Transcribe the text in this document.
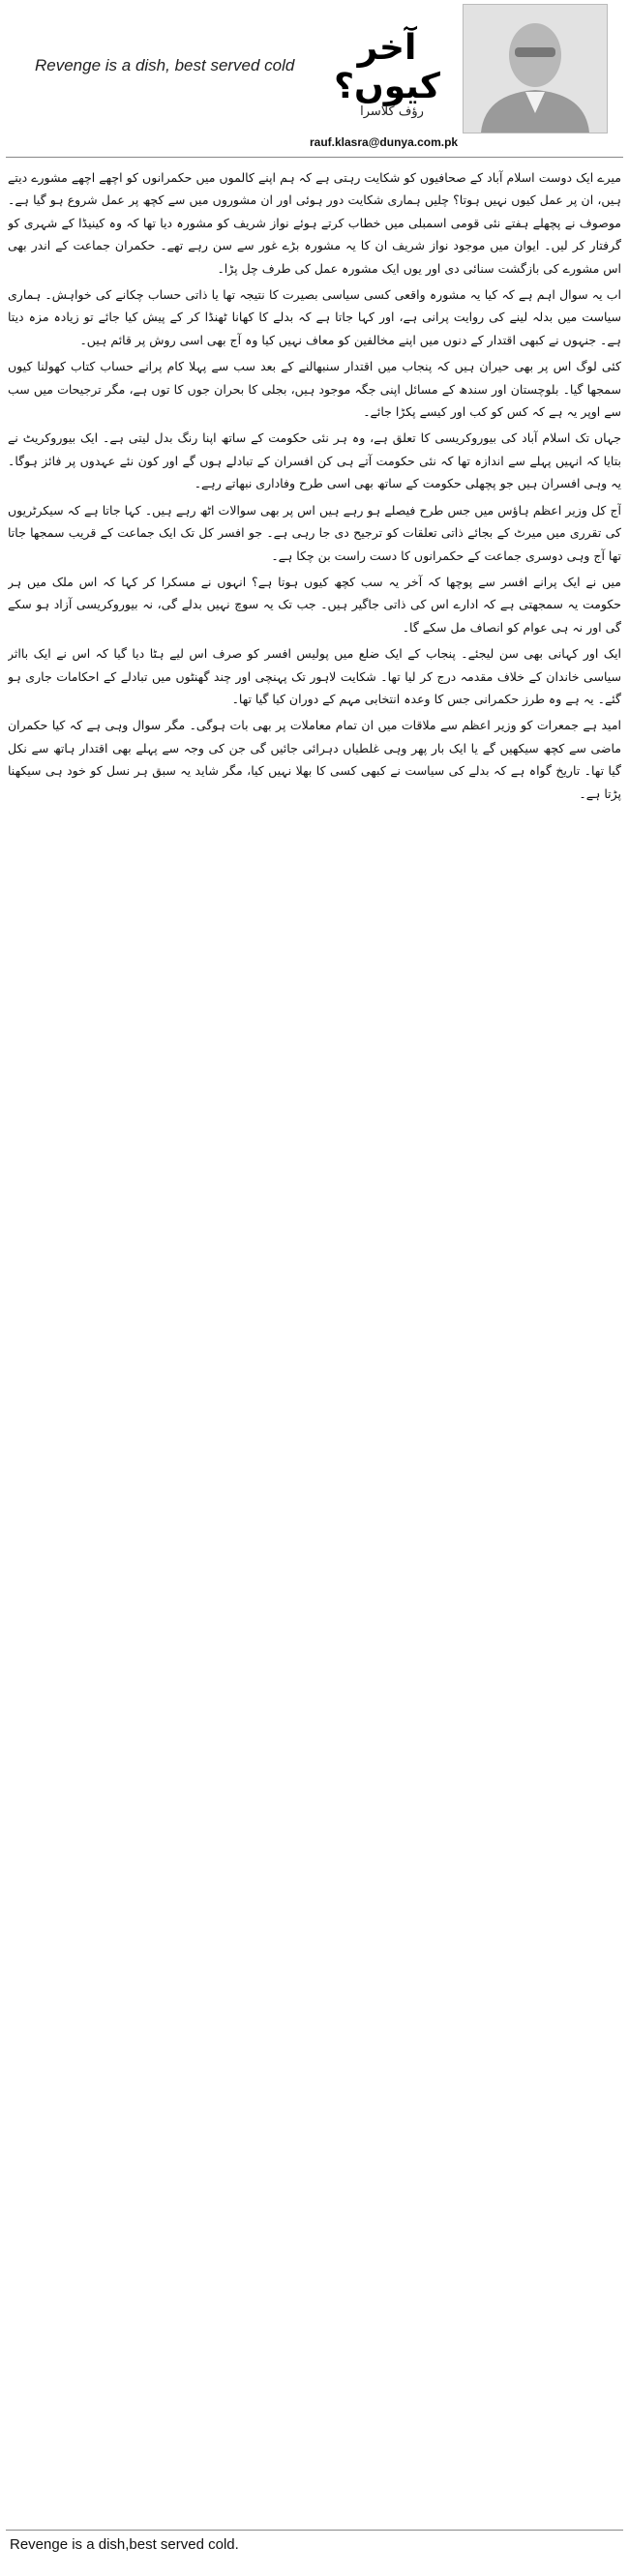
Revenge is a dish, best served cold	آخر کیوں؟
رؤف کلاسرا
rauf.klasra@dunya.com.pk

میرے ایک دوست اسلام آباد کے صحافیوں کو شکایت رہتی ہے کہ ہم اپنے کالموں میں حکمرانوں کو اچھے اچھے مشورے دیتے ہیں، ان پر عمل کیوں نہیں ہوتا؟ چلیں ہماری شکایت دور ہوئی اور ان مشوروں میں سے کچھ پر عمل شروع ہو گیا ہے۔ موصوف نے پچھلے ہفتے نئی قومی اسمبلی میں خطاب کرتے ہوئے نواز شریف کو مشورہ دیا تھا کہ وہ کینیڈا کے شہری کو گرفتار کر لیں۔ ایوان میں موجود نواز شریف ان کا یہ مشورہ بڑے غور سے سن رہے تھے۔ حکمران جماعت کے اندر بھی اس مشورے کی بازگشت سنائی دی اور یوں ایک مشورہ عمل کی طرف چل پڑا۔

اب یہ سوال اہم ہے کہ کیا یہ مشورہ واقعی کسی سیاسی بصیرت کا نتیجہ تھا یا ذاتی حساب چکانے کی خواہش۔ ہماری سیاست میں بدلہ لینے کی روایت پرانی ہے، اور کہا جاتا ہے کہ بدلے کا کھانا ٹھنڈا کر کے پیش کیا جائے تو زیادہ مزہ دیتا ہے۔ جنہوں نے کبھی اقتدار کے دنوں میں اپنے مخالفین کو معاف نہیں کیا وہ آج بھی اسی روش پر قائم ہیں۔

کئی لوگ اس پر بھی حیران ہیں کہ پنجاب میں اقتدار سنبھالنے کے بعد سب سے پہلا کام پرانے حساب کتاب کھولنا کیوں سمجھا گیا۔ بلوچستان اور سندھ کے مسائل اپنی جگہ موجود ہیں، بجلی کا بحران جوں کا توں ہے، مگر ترجیحات میں سب سے اوپر یہ ہے کہ کس کو کب اور کیسے پکڑا جائے۔

جہاں تک اسلام آباد کی بیوروکریسی کا تعلق ہے، وہ ہر نئی حکومت کے ساتھ اپنا رنگ بدل لیتی ہے۔ ایک بیوروکریٹ نے بتایا کہ انہیں پہلے سے اندازہ تھا کہ نئی حکومت آتے ہی کن افسران کے تبادلے ہوں گے اور کون نئے عہدوں پر فائز ہوگا۔ یہ وہی افسران ہیں جو پچھلی حکومت کے ساتھ بھی اسی طرح وفاداری نبھاتے رہے۔

آج کل وزیر اعظم ہاؤس میں جس طرح فیصلے ہو رہے ہیں اس پر بھی سوالات اٹھ رہے ہیں۔ کہا جاتا ہے کہ سیکرٹریوں کی تقرری میں میرٹ کے بجائے ذاتی تعلقات کو ترجیح دی جا رہی ہے۔ جو افسر کل تک ایک جماعت کے قریب سمجھا جاتا تھا آج وہی دوسری جماعت کے حکمرانوں کا دست راست بن چکا ہے۔

میں نے ایک پرانے افسر سے پوچھا کہ آخر یہ سب کچھ کیوں ہوتا ہے؟ انہوں نے مسکرا کر کہا کہ اس ملک میں ہر حکومت یہ سمجھتی ہے کہ ادارے اس کی ذاتی جاگیر ہیں۔ جب تک یہ سوچ نہیں بدلے گی، نہ بیوروکریسی آزاد ہو سکے گی اور نہ ہی عوام کو انصاف مل سکے گا۔

ایک اور کہانی بھی سن لیجئے۔ پنجاب کے ایک ضلع میں پولیس افسر کو صرف اس لیے ہٹا دیا گیا کہ اس نے ایک بااثر سیاسی خاندان کے خلاف مقدمہ درج کر لیا تھا۔ شکایت لاہور تک پہنچی اور چند گھنٹوں میں تبادلے کے احکامات جاری ہو گئے۔ یہ ہے وہ طرز حکمرانی جس کا وعدہ انتخابی مہم کے دوران کیا گیا تھا۔

امید ہے جمعرات کو وزیر اعظم سے ملاقات میں ان تمام معاملات پر بھی بات ہوگی۔ مگر سوال وہی ہے کہ کیا حکمران ماضی سے کچھ سیکھیں گے یا ایک بار پھر وہی غلطیاں دہرائی جائیں گی جن کی وجہ سے پہلے بھی اقتدار ہاتھ سے نکل گیا تھا۔ تاریخ گواہ ہے کہ بدلے کی سیاست نے کبھی کسی کا بھلا نہیں کیا، مگر شاید یہ سبق ہر نسل کو خود ہی سیکھنا پڑتا ہے۔

Revenge is a dish,best served cold.
